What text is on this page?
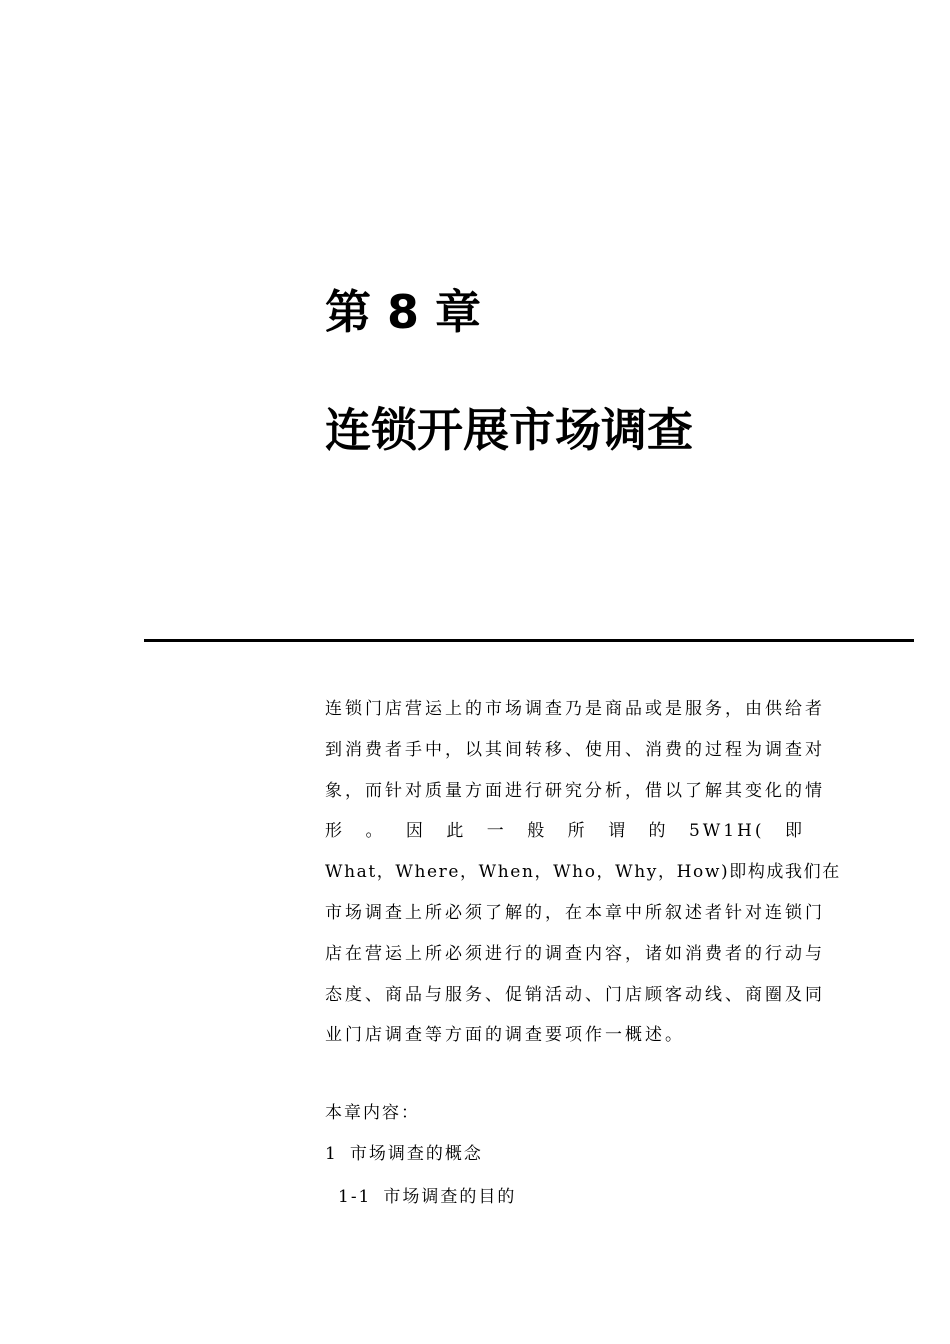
第 8 章
连锁开展市场调查
连锁门店营运上的市场调查乃是商品或是服务，由供给者
到消费者手中，以其间转移、使用、消费的过程为调查对
象，而针对质量方面进行研究分析，借以了解其变化的情
形 。 因 此 一 般 所 谓 的 5W1H( 即
What，Where，When，Who，Why，How)即构成我们在
市场调查上所必须了解的，在本章中所叙述者针对连锁门
店在营运上所必须进行的调查内容，诸如消费者的行动与
态度、商品与服务、促销活动、门店顾客动线、商圈及同
业门店调查等方面的调查要项作一概述。
本章内容：
1 市场调查的概念
1-1 市场调查的目的
